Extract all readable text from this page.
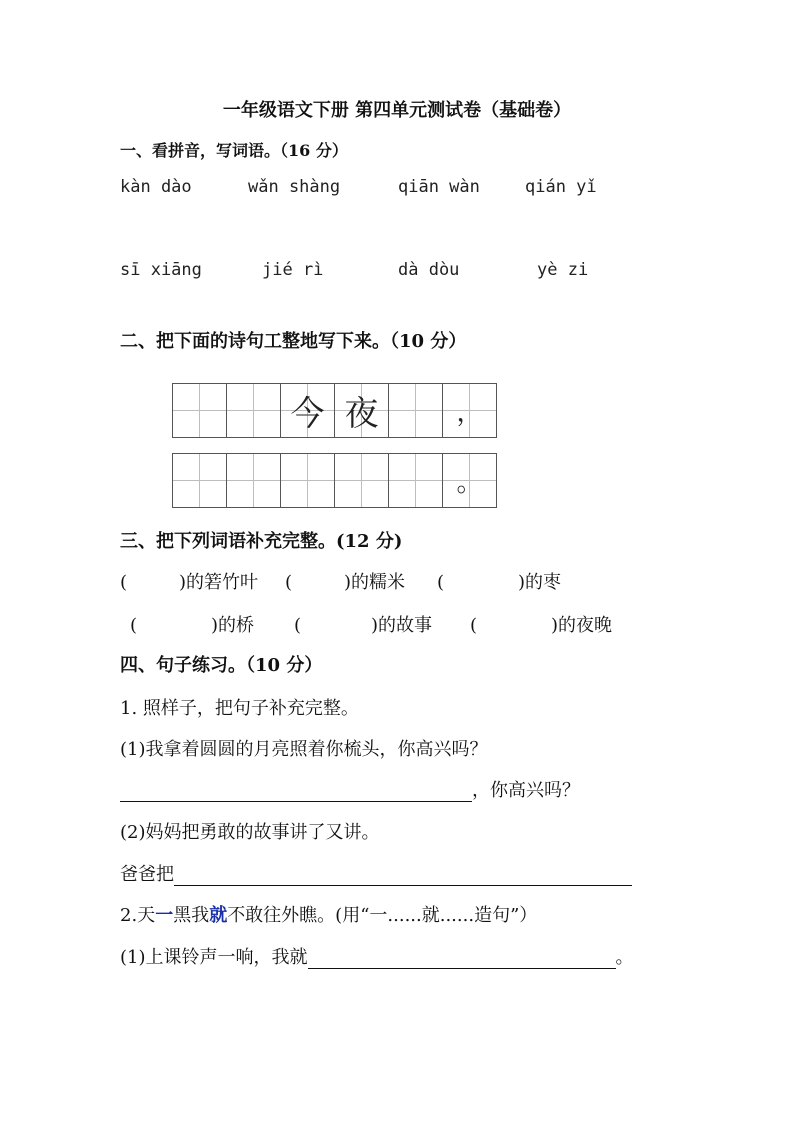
一年级语文下册 第四单元测试卷（基础卷）
一、看拼音，写词语。（16 分）
kàn dào	wǎn shàng	qiān wàn	qián yǐ
sī xiāng	jié rì	dà dòu	yè zi
二、把下面的诗句工整地写下来。（10 分）
今 夜	，
。
三、把下列词语补充完整。(12 分)
(	)的箬竹叶 (	)的糯米 (	)的枣
(	)的桥 (	)的故事 (	)的夜晚
四、句子练习。（10 分）
1. 照样子，把句子补充完整。
(1)我拿着圆圆的月亮照着你梳头，你高兴吗？
，你高兴吗？
(2)妈妈把勇敢的故事讲了又讲。
爸爸把
2.天一黑我就不敢往外瞧。(用“一......就......造句”）
(1)上课铃声一响，我就	。
